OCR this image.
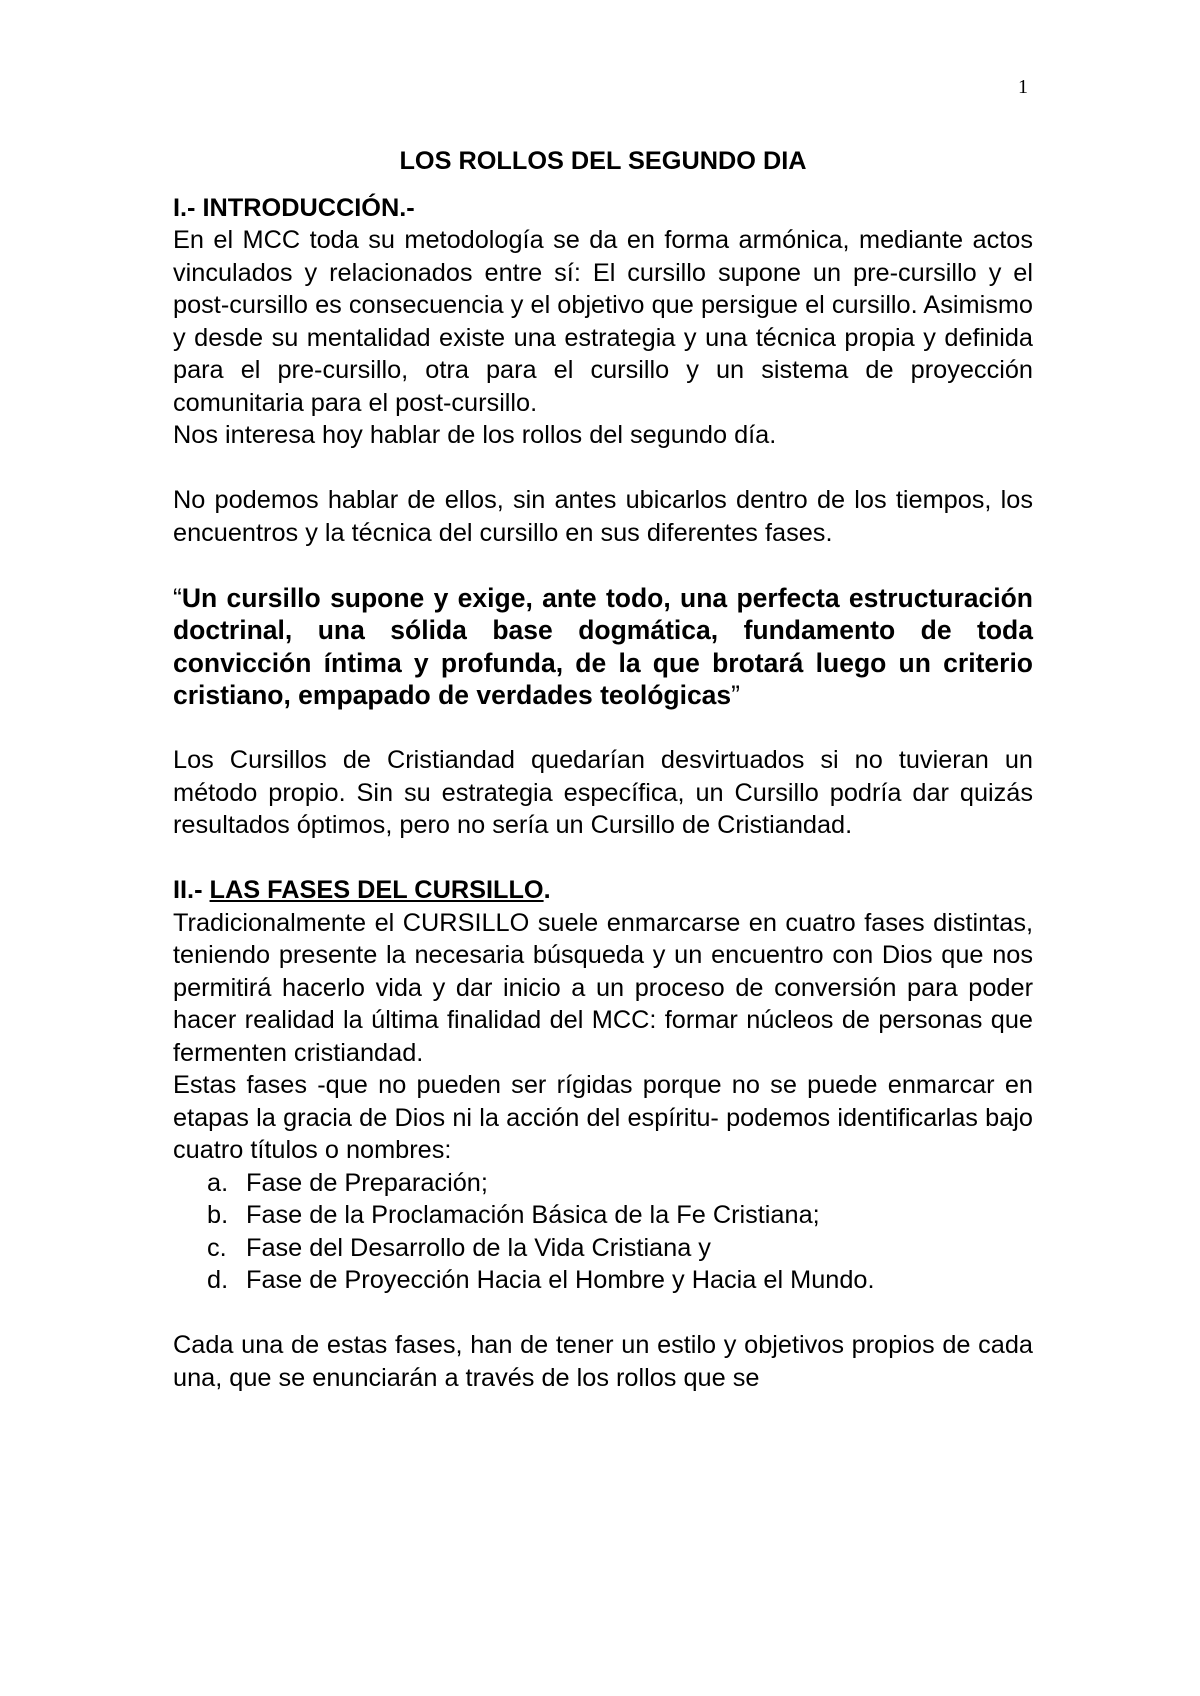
1

LOS ROLLOS DEL SEGUNDO DIA

I.- INTRODUCCIÓN.-

En el MCC toda su metodología se da en forma armónica, mediante actos vinculados y relacionados entre sí: El cursillo supone un pre-cursillo y el post-cursillo es consecuencia y el objetivo que persigue el cursillo. Asimismo y desde su mentalidad existe una estrategia y una técnica propia y definida para el pre-cursillo, otra para el cursillo y un sistema de proyección comunitaria para el post-cursillo.

Nos interesa hoy hablar de los rollos del segundo día.

No podemos hablar de ellos, sin antes ubicarlos dentro de los tiempos, los encuentros y la técnica del cursillo en sus diferentes fases.

“Un cursillo supone y exige, ante todo, una perfecta estructuración doctrinal, una sólida base dogmática, fundamento de toda convicción íntima y profunda, de la que brotará luego un criterio cristiano, empapado de verdades teológicas”

Los Cursillos de Cristiandad quedarían desvirtuados si no tuvieran un método propio. Sin su estrategia específica, un Cursillo podría dar quizás resultados óptimos, pero no sería un Cursillo de Cristiandad.

II.- LAS FASES DEL CURSILLO.

Tradicionalmente el CURSILLO suele enmarcarse en cuatro fases distintas, teniendo presente la necesaria búsqueda y un encuentro con Dios que nos permitirá hacerlo vida y dar inicio a un proceso de conversión para poder hacer realidad la última finalidad del MCC: formar núcleos de personas que fermenten cristiandad.

Estas fases -que no pueden ser rígidas porque no se puede enmarcar en etapas la gracia de Dios ni la acción del espíritu- podemos identificarlas bajo cuatro títulos o nombres:

a. Fase de Preparación;
b. Fase de la Proclamación Básica de la Fe Cristiana;
c. Fase del Desarrollo de la Vida Cristiana y
d. Fase de Proyección Hacia el Hombre y Hacia el Mundo.

Cada una de estas fases, han de tener un estilo y objetivos propios de cada una, que se enunciarán a través de los rollos que se
